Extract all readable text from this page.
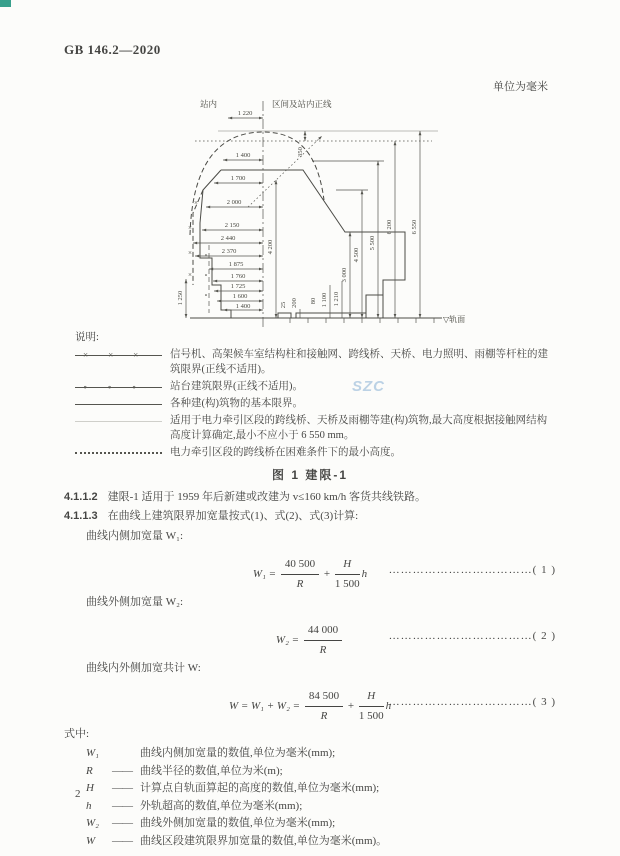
GB 146.2—2020
单位为毫米
SZC
×
×
×
×
∘
∘
∘
站内	区间及站内正线
▽轨面
1 220
1 400
1 700
2 000
2 150
2 440
2 370
1 875
1 760
1 725
1 600
1 400
3 000
4 500
5 500
6 200	6 550
350
4 200
1 250	25 200 80 1 100 1 210
说明:
××× 信号机、高架候车室结构柱和接触网、跨线桥、天桥、电力照明、雨棚等杆柱的建筑限界(正线不适用)。
∘∘∘ 站台建筑限界(正线不适用)。
各种建(构)筑物的基本限界。
适用于电力牵引区段的跨线桥、天桥及雨棚等建(构)筑物,最大高度根据接触网结构高度计算确定,最小不应小于 6 550 mm。
电力牵引区段的跨线桥在困难条件下的最小高度。
图 1 建限-1
4.1.1.2 建限-1 适用于 1959 年后新建或改建为 v≤160 km/h 客货共线铁路。
4.1.1.3 在曲线上建筑限界加宽量按式(1)、式(2)、式(3)计算:
曲线内侧加宽量 W₁:
$W_1 = \frac{40 500}{R} + \frac{H}{1 500}$ h ………………………………( 1 )
曲线外侧加宽量 W₂:
$W_2 = \frac{44 000}{R}$	………………………………( 2 )
曲线内外侧加宽共计 W:
$W = W_1 + W_2 = \frac{84 500}{R} + \frac{H}{1 500}$ h
………………………………( 3 )
式中:
W₁	曲线内侧加宽量的数值,单位为毫米(mm);
R	—— 曲线半径的数值,单位为米(m);
H	—— 计算点自轨面算起的高度的数值,单位为毫米(mm);
h	—— 外轨超高的数值,单位为毫米(mm);
W₂	—— 曲线外侧加宽量的数值,单位为毫米(mm);
W	—— 曲线区段建筑限界加宽量的数值,单位为毫米(mm)。
2
